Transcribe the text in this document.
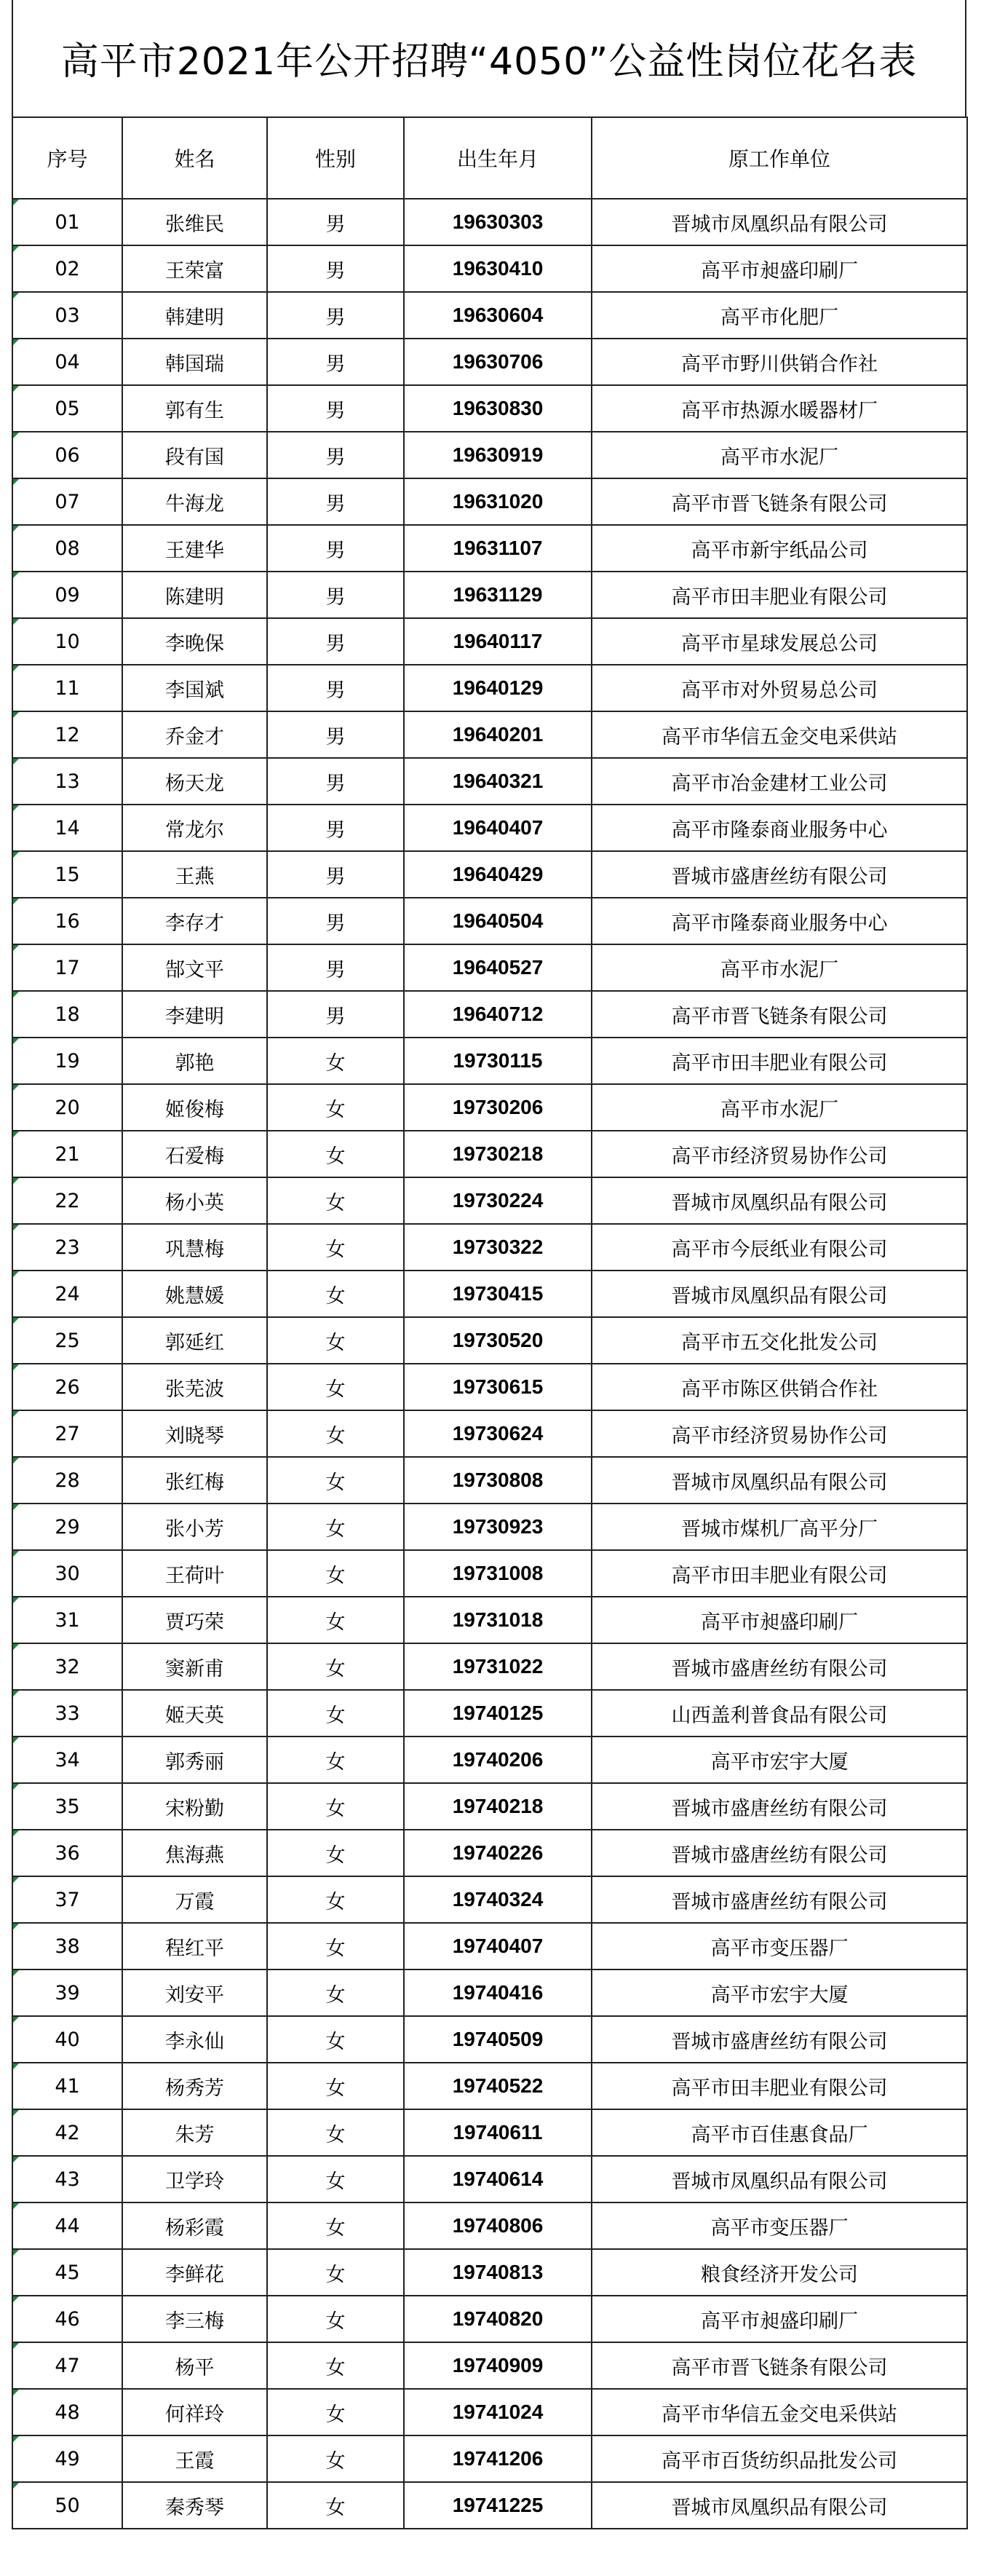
高平市2021年公开招聘“4050”公益性岗位花名表
序号	姓名	性别	出生年月	原工作单位
01	张维民	男	19630303	晋城市凤凰织品有限公司
02	王荣富	男	19630410	高平市昶盛印刷厂
03	韩建明	男	19630604	高平市化肥厂
04	韩国瑞	男	19630706	高平市野川供销合作社
05	郭有生	男	19630830	高平市热源水暖器材厂
06	段有国	男	19630919	高平市水泥厂
07	牛海龙	男	19631020	高平市晋飞链条有限公司
08	王建华	男	19631107	高平市新宇纸品公司
09	陈建明	男	19631129	高平市田丰肥业有限公司
10	李晚保	男	19640117	高平市星球发展总公司
11	李国斌	男	19640129	高平市对外贸易总公司
12	乔金才	男	19640201	高平市华信五金交电采供站
13	杨天龙	男	19640321	高平市冶金建材工业公司
14	常龙尔	男	19640407	高平市隆泰商业服务中心
15	王燕	男	19640429	晋城市盛唐丝纺有限公司
16	李存才	男	19640504	高平市隆泰商业服务中心
17	郜文平	男	19640527	高平市水泥厂
18	李建明	男	19640712	高平市晋飞链条有限公司
19	郭艳	女	19730115	高平市田丰肥业有限公司
20	姬俊梅	女	19730206	高平市水泥厂
21	石爱梅	女	19730218	高平市经济贸易协作公司
22	杨小英	女	19730224	晋城市凤凰织品有限公司
23	巩慧梅	女	19730322	高平市今辰纸业有限公司
24	姚慧媛	女	19730415	晋城市凤凰织品有限公司
25	郭延红	女	19730520	高平市五交化批发公司
26	张芜波	女	19730615	高平市陈区供销合作社
27	刘晓琴	女	19730624	高平市经济贸易协作公司
28	张红梅	女	19730808	晋城市凤凰织品有限公司
29	张小芳	女	19730923	晋城市煤机厂高平分厂
30	王荷叶	女	19731008	高平市田丰肥业有限公司
31	贾巧荣	女	19731018	高平市昶盛印刷厂
32	窦新甫	女	19731022	晋城市盛唐丝纺有限公司
33	姬天英	女	19740125	山西盖利普食品有限公司
34	郭秀丽	女	19740206	高平市宏宇大厦
35	宋粉勤	女	19740218	晋城市盛唐丝纺有限公司
36	焦海燕	女	19740226	晋城市盛唐丝纺有限公司
37	万霞	女	19740324	晋城市盛唐丝纺有限公司
38	程红平	女	19740407	高平市变压器厂
39	刘安平	女	19740416	高平市宏宇大厦
40	李永仙	女	19740509	晋城市盛唐丝纺有限公司
41	杨秀芳	女	19740522	高平市田丰肥业有限公司
42	朱芳	女	19740611	高平市百佳惠食品厂
43	卫学玲	女	19740614	晋城市凤凰织品有限公司
44	杨彩霞	女	19740806	高平市变压器厂
45	李鲜花	女	19740813	粮食经济开发公司
46	李三梅	女	19740820	高平市昶盛印刷厂
47	杨平	女	19740909	高平市晋飞链条有限公司
48	何祥玲	女	19741024	高平市华信五金交电采供站
49	王霞	女	19741206	高平市百货纺织品批发公司
50	秦秀琴	女	19741225	晋城市凤凰织品有限公司
